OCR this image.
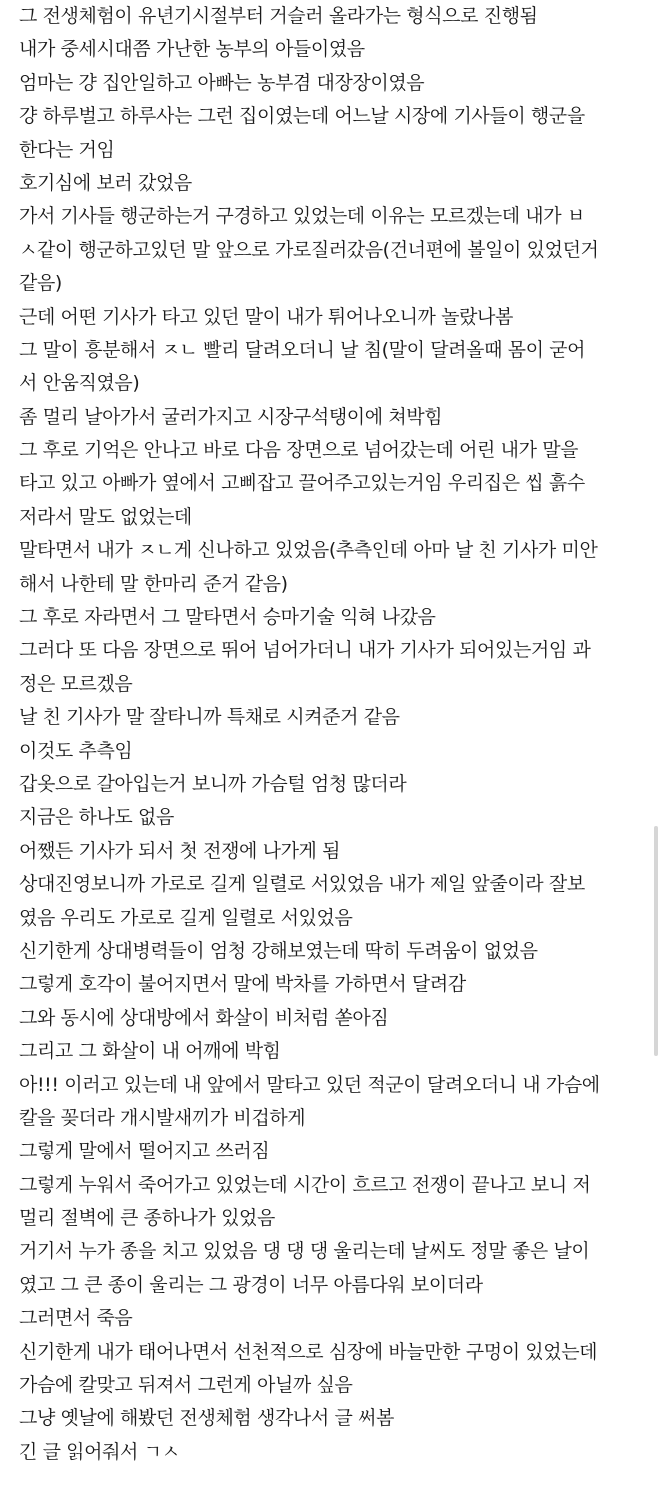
그 전생체험이 유년기시절부터 거슬러 올라가는 형식으로 진행됨
내가 중세시대쯤 가난한 농부의 아들이였음
엄마는 걍 집안일하고 아빠는 농부겸 대장장이였음
걍 하루벌고 하루사는 그런 집이였는데 어느날 시장에 기사들이 행군을
한다는 거임
호기심에 보러 갔었음
가서 기사들 행군하는거 구경하고 있었는데 이유는 모르겠는데 내가 ㅂ
ㅅ같이 행군하고있던 말 앞으로 가로질러갔음(건너편에 볼일이 있었던거
같음)
근데 어떤 기사가 타고 있던 말이 내가 튀어나오니까 놀랐나봄
그 말이 흥분해서 ㅈㄴ 빨리 달려오더니 날 침(말이 달려올때 몸이 굳어
서 안움직였음)
좀 멀리 날아가서 굴러가지고 시장구석탱이에 쳐박힘
그 후로 기억은 안나고 바로 다음 장면으로 넘어갔는데 어린 내가 말을
타고 있고 아빠가 옆에서 고삐잡고 끌어주고있는거임 우리집은 씹 흙수
저라서 말도 없었는데
말타면서 내가 ㅈㄴ게 신나하고 있었음(추측인데 아마 날 친 기사가 미안
해서 나한테 말 한마리 준거 같음)
그 후로 자라면서 그 말타면서 승마기술 익혀 나갔음
그러다 또 다음 장면으로 뛰어 넘어가더니 내가 기사가 되어있는거임 과
정은 모르겠음
날 친 기사가 말 잘타니까 특채로 시켜준거 같음
이것도 추측임
갑옷으로 갈아입는거 보니까 가슴털 엄청 많더라
지금은 하나도 없음
어쨌든 기사가 되서 첫 전쟁에 나가게 됨
상대진영보니까 가로로 길게 일렬로 서있었음 내가 제일 앞줄이라 잘보
였음 우리도 가로로 길게 일렬로 서있었음
신기한게 상대병력들이 엄청 강해보였는데 딱히 두려움이 없었음
그렇게 호각이 불어지면서 말에 박차를 가하면서 달려감
그와 동시에 상대방에서 화살이 비처럼 쏟아짐
그리고 그 화살이 내 어깨에 박힘
아!!! 이러고 있는데 내 앞에서 말타고 있던 적군이 달려오더니 내 가슴에
칼을 꽂더라 개시발새끼가 비겁하게
그렇게 말에서 떨어지고 쓰러짐
그렇게 누워서 죽어가고 있었는데 시간이 흐르고 전쟁이 끝나고 보니 저
멀리 절벽에 큰 종하나가 있었음
거기서 누가 종을 치고 있었음 댕 댕 댕 울리는데 날씨도 정말 좋은 날이
였고 그 큰 종이 울리는 그 광경이 너무 아름다워 보이더라
그러면서 죽음
신기한게 내가 태어나면서 선천적으로 심장에 바늘만한 구멍이 있었는데
가슴에 칼맞고 뒤져서 그런게 아닐까 싶음
그냥 옛날에 해봤던 전생체험 생각나서 글 써봄
긴 글 읽어줘서 ㄱㅅ
